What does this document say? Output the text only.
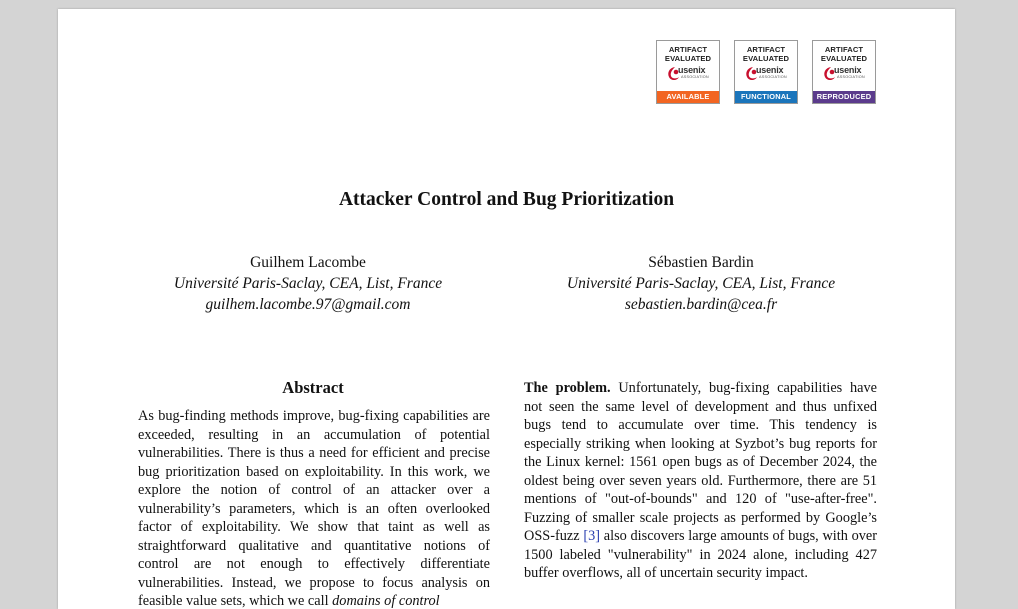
ARTIFACT
EVALUATED
usenix
ASSOCIATION
AVAILABLE
ARTIFACT
EVALUATED
usenix
ASSOCIATION
FUNCTIONAL
ARTIFACT
EVALUATED
usenix
ASSOCIATION
REPRODUCED
Attacker Control and Bug Prioritization
Guilhem Lacombe
Université Paris-Saclay, CEA, List, France
guilhem.lacombe.97@gmail.com
Sébastien Bardin
Université Paris-Saclay, CEA, List, France
sebastien.bardin@cea.fr
Abstract

As bug-finding methods improve, bug-fixing capabilities are exceeded, resulting in an accumulation of potential vulnerabilities. There is thus a need for efficient and precise bug prioritization based on exploitability. In this work, we explore the notion of control of an attacker over a vulnerability’s parameters, which is an often overlooked factor of exploitability. We show that taint as well as straightforward qualitative and quantitative notions of control are not enough to effectively differentiate vulnerabilities. Instead, we propose to focus analysis on feasible value sets, which we call domains of control

The problem. Unfortunately, bug-fixing capabilities have not seen the same level of development and thus unfixed bugs tend to accumulate over time. This tendency is especially striking when looking at Syzbot’s bug reports for the Linux kernel: 1561 open bugs as of December 2024, the oldest being over seven years old. Furthermore, there are 51 mentions of "out-of-bounds" and 120 of "use-after-free". Fuzzing of smaller scale projects as performed by Google’s OSS-fuzz [3] also discovers large amounts of bugs, with over 1500 labeled "vulnerability" in 2024 alone, including 427 buffer overflows, all of uncertain security impact.
